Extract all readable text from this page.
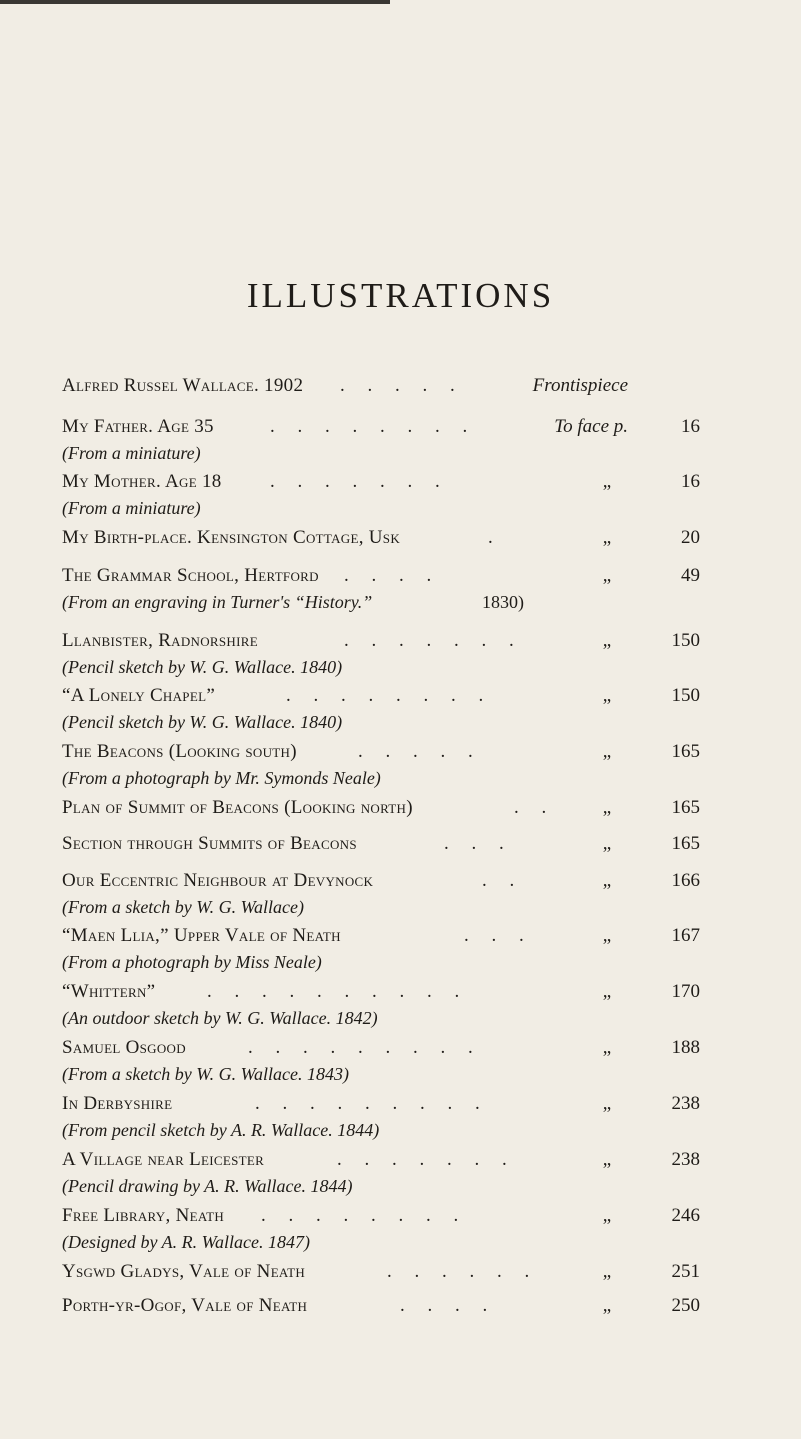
ILLUSTRATIONS
Alfred Russel Wallace. 1902 . . . . .	Frontispiece
My Father. Age 35	. . . . . . . .	To face p.	16
(From a miniature)
My Mother. Age 18	. . . . . . .	„	16
(From a miniature)
My Birth-place. Kensington Cottage, Usk	.	„	20
The Grammar School, Hertford . . . .	„	49
(From an engraving in Turner's “History.”	1830)
Llanbister, Radnorshire	. . . . . . .	„	150
(Pencil sketch by W. G. Wallace. 1840)
“A Lonely Chapel”	. . . . . . . .	„	150
(Pencil sketch by W. G. Wallace. 1840)
The Beacons (Looking south)	. . . . .	„	165
(From a photograph by Mr. Symonds Neale)
Plan of Summit of Beacons (Looking north)	. .	„	165
Section through Summits of Beacons	. . .	„	165
Our Eccentric Neighbour at Devynock	. .	„	166
(From a sketch by W. G. Wallace)
“Maen Llia,” Upper Vale of Neath	. . .	„	167
(From a photograph by Miss Neale)
“Whittern”	. . . . . . . . . .	„	170
(An outdoor sketch by W. G. Wallace. 1842)
Samuel Osgood	. . . . . . . . .	„	188
(From a sketch by W. G. Wallace. 1843)
In Derbyshire	. . . . . . . . .	„	238
(From pencil sketch by A. R. Wallace. 1844)
A Village near Leicester	. . . . . . .	„	238
(Pencil drawing by A. R. Wallace. 1844)
Free Library, Neath . . . . . . . .	„	246
(Designed by A. R. Wallace. 1847)
Ysgwd Gladys, Vale of Neath	. . . . . .	„	251
Porth-yr-Ogof, Vale of Neath	. . . .	„	250
